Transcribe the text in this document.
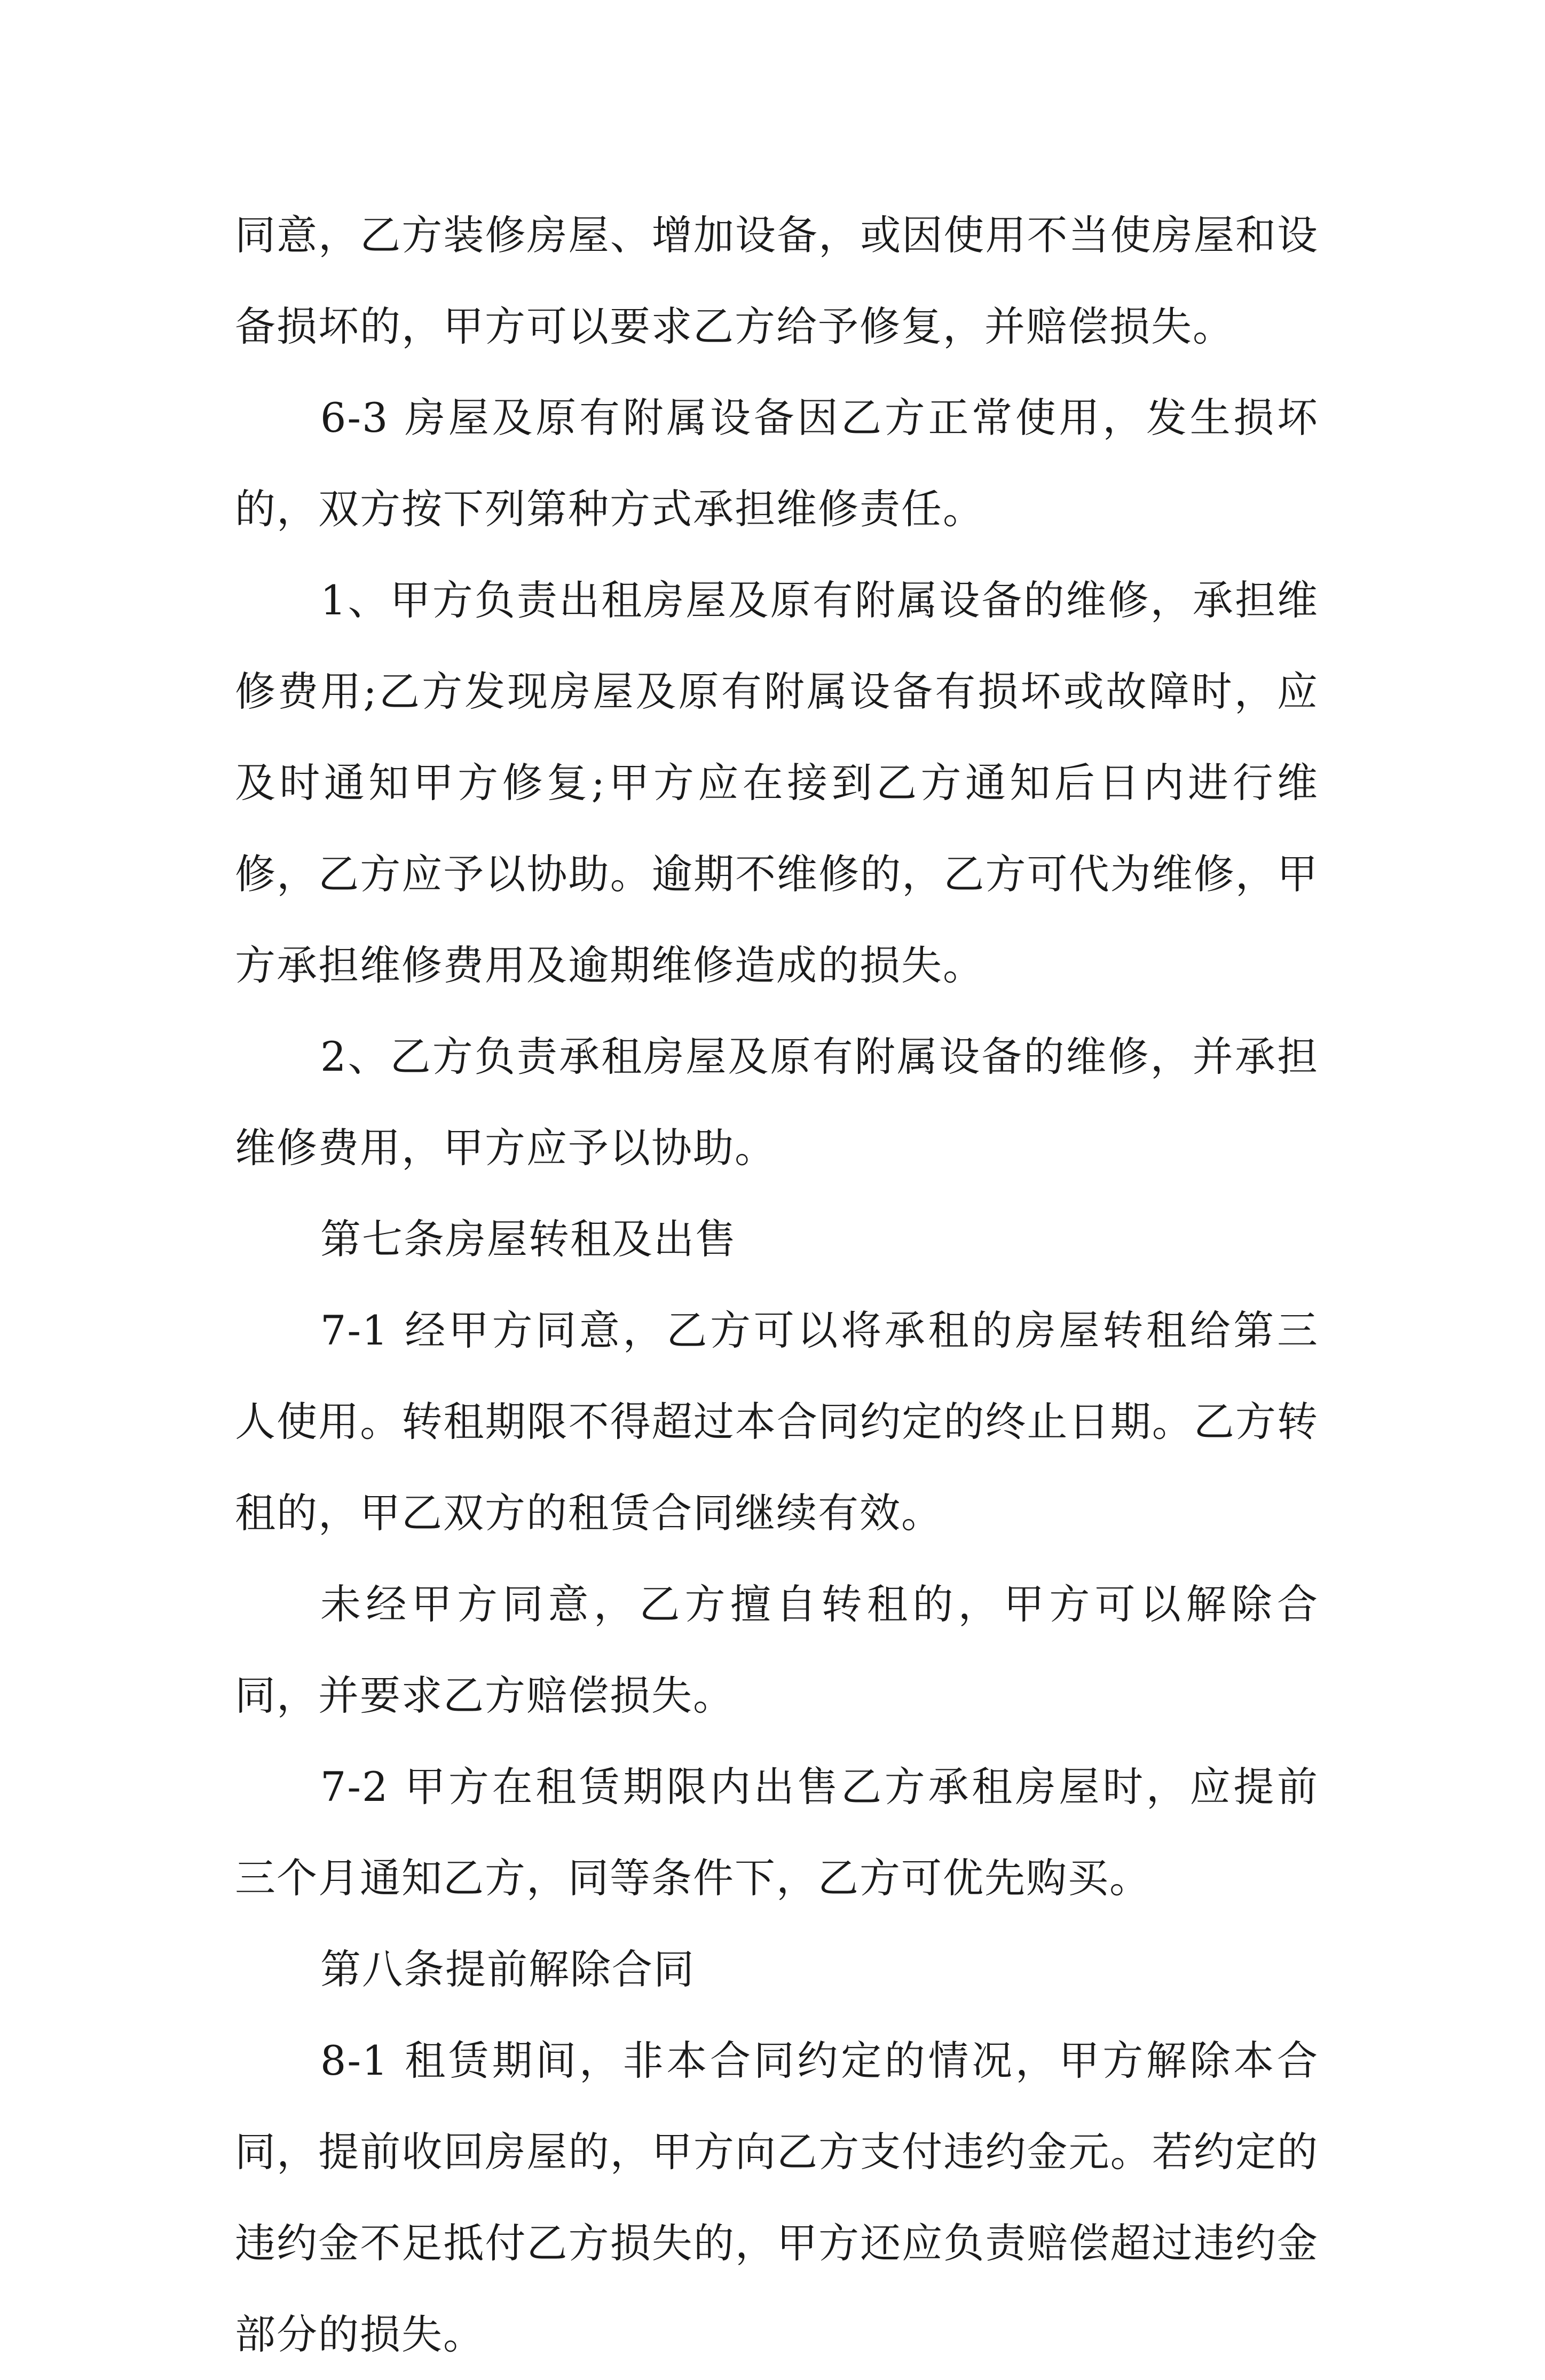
同意，乙方装修房屋、增加设备，或因使用不当使房屋和设备损坏的，甲方可以要求乙方给予修复，并赔偿损失。

6-3 房屋及原有附属设备因乙方正常使用，发生损坏的，双方按下列第种方式承担维修责任。

1、甲方负责出租房屋及原有附属设备的维修，承担维修费用;乙方发现房屋及原有附属设备有损坏或故障时，应及时通知甲方修复;甲方应在接到乙方通知后日内进行维修，乙方应予以协助。逾期不维修的，乙方可代为维修，甲方承担维修费用及逾期维修造成的损失。

2、乙方负责承租房屋及原有附属设备的维修，并承担维修费用，甲方应予以协助。

第七条房屋转租及出售

7-1 经甲方同意，乙方可以将承租的房屋转租给第三人使用。转租期限不得超过本合同约定的终止日期。乙方转租的，甲乙双方的租赁合同继续有效。

未经甲方同意，乙方擅自转租的，甲方可以解除合同，并要求乙方赔偿损失。

7-2 甲方在租赁期限内出售乙方承租房屋时，应提前三个月通知乙方，同等条件下，乙方可优先购买。

第八条提前解除合同

8-1 租赁期间，非本合同约定的情况，甲方解除本合同，提前收回房屋的，甲方向乙方支付违约金元。若约定的违约金不足抵付乙方损失的，甲方还应负责赔偿超过违约金部分的损失。
